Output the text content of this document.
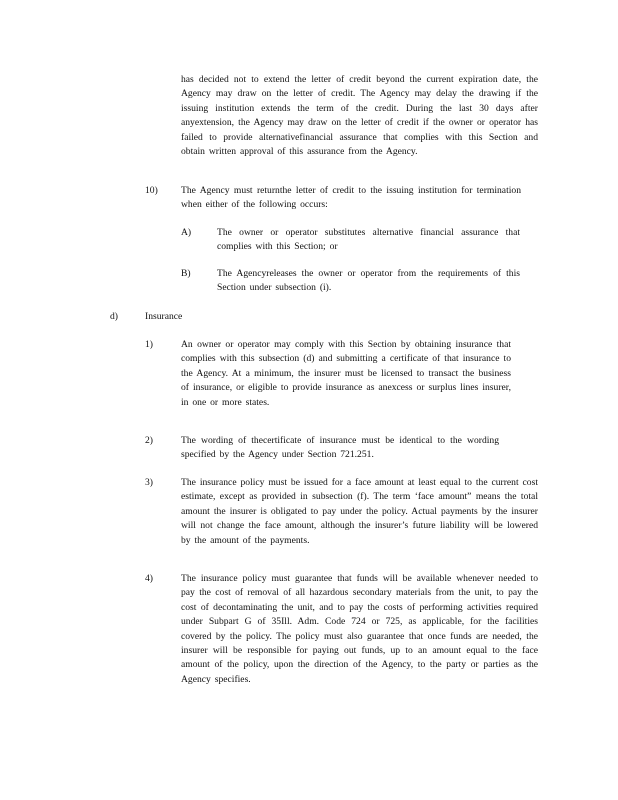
has decided not to extend the letter of credit beyond the current expiration date, the Agency may draw on the letter of credit. The Agency may delay the drawing if the issuing institution extends the term of the credit. During the last 30 days after anyextension, the Agency may draw on the letter of credit if the owner or operator has failed to provide alternativefinancial assurance that complies with this Section and obtain written approval of this assurance from the Agency.
10) The Agency must returnthe letter of credit to the issuing institution for termination when either of the following occurs:
A)	The owner or operator substitutes alternative financial assurance that complies with this Section; or
B)	The Agencyreleases the owner or operator from the requirements of this Section under subsection (i).
d)	Insurance
1)	An owner or operator may comply with this Section by obtaining insurance that complies with this subsection (d) and submitting a certificate of that insurance to the Agency. At a minimum, the insurer must be licensed to transact the business of insurance, or eligible to provide insurance as anexcess or surplus lines insurer, in one or more states.
2)	The wording of thecertificate of insurance must be identical to the wording specified by the Agency under Section 721.251.
3)	The insurance policy must be issued for a face amount at least equal to the current cost estimate, except as provided in subsection (f). The term ‘face amount” means the total amount the insurer is obligated to pay under the policy. Actual payments by the insurer will not change the face amount, although the insurer’s future liability will be lowered by the amount of the payments.
4)	The insurance policy must guarantee that funds will be available whenever needed to pay the cost of removal of all hazardous secondary materials from the unit, to pay the cost of decontaminating the unit, and to pay the costs of performing activities required under Subpart G of 35Ill. Adm. Code 724 or 725, as applicable, for the facilities covered by the policy. The policy must also guarantee that once funds are needed, the insurer will be responsible for paying out funds, up to an amount equal to the face amount of the policy, upon the direction of the Agency, to the party or parties as the Agency specifies.
